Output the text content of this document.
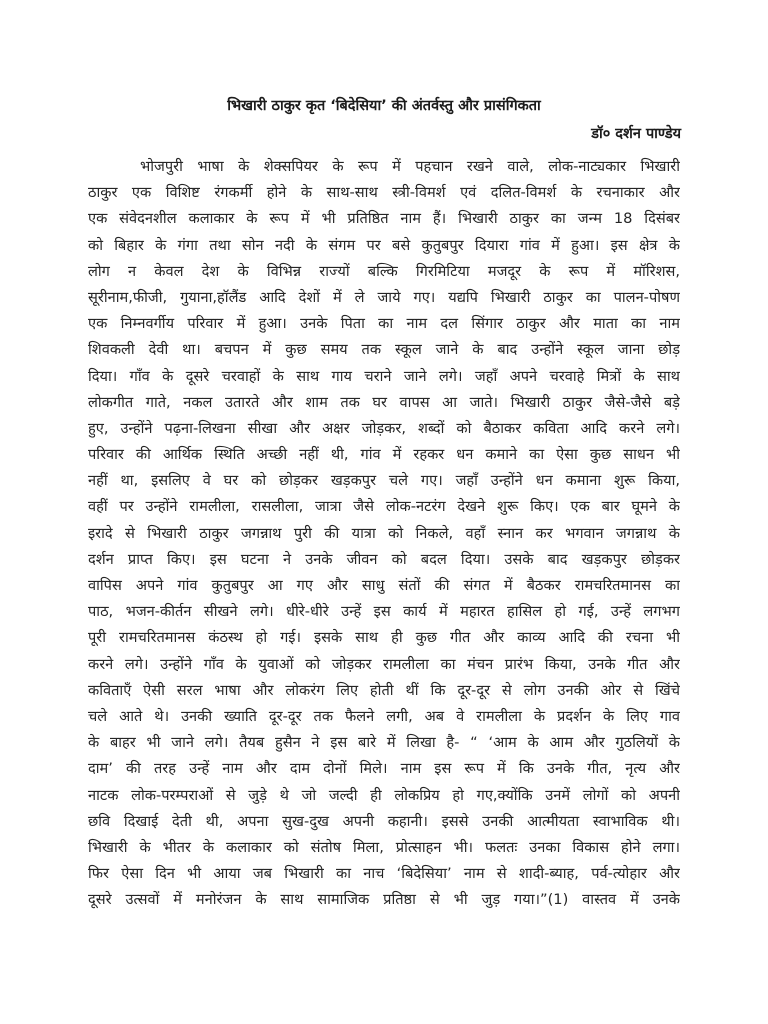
भिखारी ठाकुर कृत ‘बिदेसिया’ की अंतर्वस्तु और प्रासंगिकता
डॉ० दर्शन पाण्डेय
भोजपुरी भाषा के शेक्सपियर के रूप में पहचान रखने वाले, लोक-नाट्यकार भिखारी
ठाकुर एक विशिष्ट रंगकर्मी होने के साथ-साथ स्त्री-विमर्श एवं दलित-विमर्श के रचनाकार और
एक संवेदनशील कलाकार के रूप में भी प्रतिष्ठित नाम हैं। भिखारी ठाकुर का जन्म 18 दिसंबर
को बिहार के गंगा तथा सोन नदी के संगम पर बसे कुतुबपुर दियारा गांव में हुआ। इस क्षेत्र के
लोग न केवल देश के विभिन्न राज्यों बल्कि गिरमिटिया मजदूर के रूप में मॉरिशस,
सूरीनाम,फीजी, गुयाना,हॉलैंड आदि देशों में ले जाये गए। यद्यपि भिखारी ठाकुर का पालन-पोषण
एक निम्नवर्गीय परिवार में हुआ। उनके पिता का नाम दल सिंगार ठाकुर और माता का नाम
शिवकली देवी था। बचपन में कुछ समय तक स्कूल जाने के बाद उन्होंने स्कूल जाना छोड़
दिया। गाँव के दूसरे चरवाहों के साथ गाय चराने जाने लगे। जहाँ अपने चरवाहे मित्रों के साथ
लोकगीत गाते, नकल उतारते और शाम तक घर वापस आ जाते। भिखारी ठाकुर जैसे-जैसे बड़े
हुए, उन्होंने पढ़ना-लिखना सीखा और अक्षर जोड़कर, शब्दों को बैठाकर कविता आदि करने लगे।
परिवार की आर्थिक स्थिति अच्छी नहीं थी, गांव में रहकर धन कमाने का ऐसा कुछ साधन भी
नहीं था, इसलिए वे घर को छोड़कर खड़कपुर चले गए। जहाँ उन्होंने धन कमाना शुरू किया,
वहीं पर उन्होंने रामलीला, रासलीला, जात्रा जैसे लोक-नटरंग देखने शुरू किए। एक बार घूमने के
इरादे से भिखारी ठाकुर जगन्नाथ पुरी की यात्रा को निकले, वहाँ स्नान कर भगवान जगन्नाथ के
दर्शन प्राप्त किए। इस घटना ने उनके जीवन को बदल दिया। उसके बाद खड़कपुर छोड़कर
वापिस अपने गांव कुतुबपुर आ गए और साधु संतों की संगत में बैठकर रामचरितमानस का
पाठ, भजन-कीर्तन सीखने लगे। धीरे-धीरे उन्हें इस कार्य में महारत हासिल हो गई, उन्हें लगभग
पूरी रामचरितमानस कंठस्थ हो गई। इसके साथ ही कुछ गीत और काव्य आदि की रचना भी
करने लगे। उन्होंने गाँव के युवाओं को जोड़कर रामलीला का मंचन प्रारंभ किया, उनके गीत और
कविताएँ ऐसी सरल भाषा और लोकरंग लिए होती थीं कि दूर-दूर से लोग उनकी ओर से खिंचे
चले आते थे। उनकी ख्याति दूर-दूर तक फैलने लगी, अब वे रामलीला के प्रदर्शन के लिए गाव
के बाहर भी जाने लगे। तैयब हुसैन ने इस बारे में लिखा है- “ ‘आम के आम और गुठलियों के
दाम’ की तरह उन्हें नाम और दाम दोनों मिले। नाम इस रूप में कि उनके गीत, नृत्य और
नाटक लोक-परम्पराओं से जुड़े थे जो जल्दी ही लोकप्रिय हो गए,क्योंकि उनमें लोगों को अपनी
छवि दिखाई देती थी, अपना सुख-दुख अपनी कहानी। इससे उनकी आत्मीयता स्वाभाविक थी।
भिखारी के भीतर के कलाकार को संतोष मिला, प्रोत्साहन भी। फलतः उनका विकास होने लगा।
फिर ऐसा दिन भी आया जब भिखारी का नाच ‘बिदेसिया’ नाम से शादी-ब्याह, पर्व-त्योहार और
दूसरे उत्सवों में मनोरंजन के साथ सामाजिक प्रतिष्ठा से भी जुड़ गया।”(1) वास्तव में उनके
